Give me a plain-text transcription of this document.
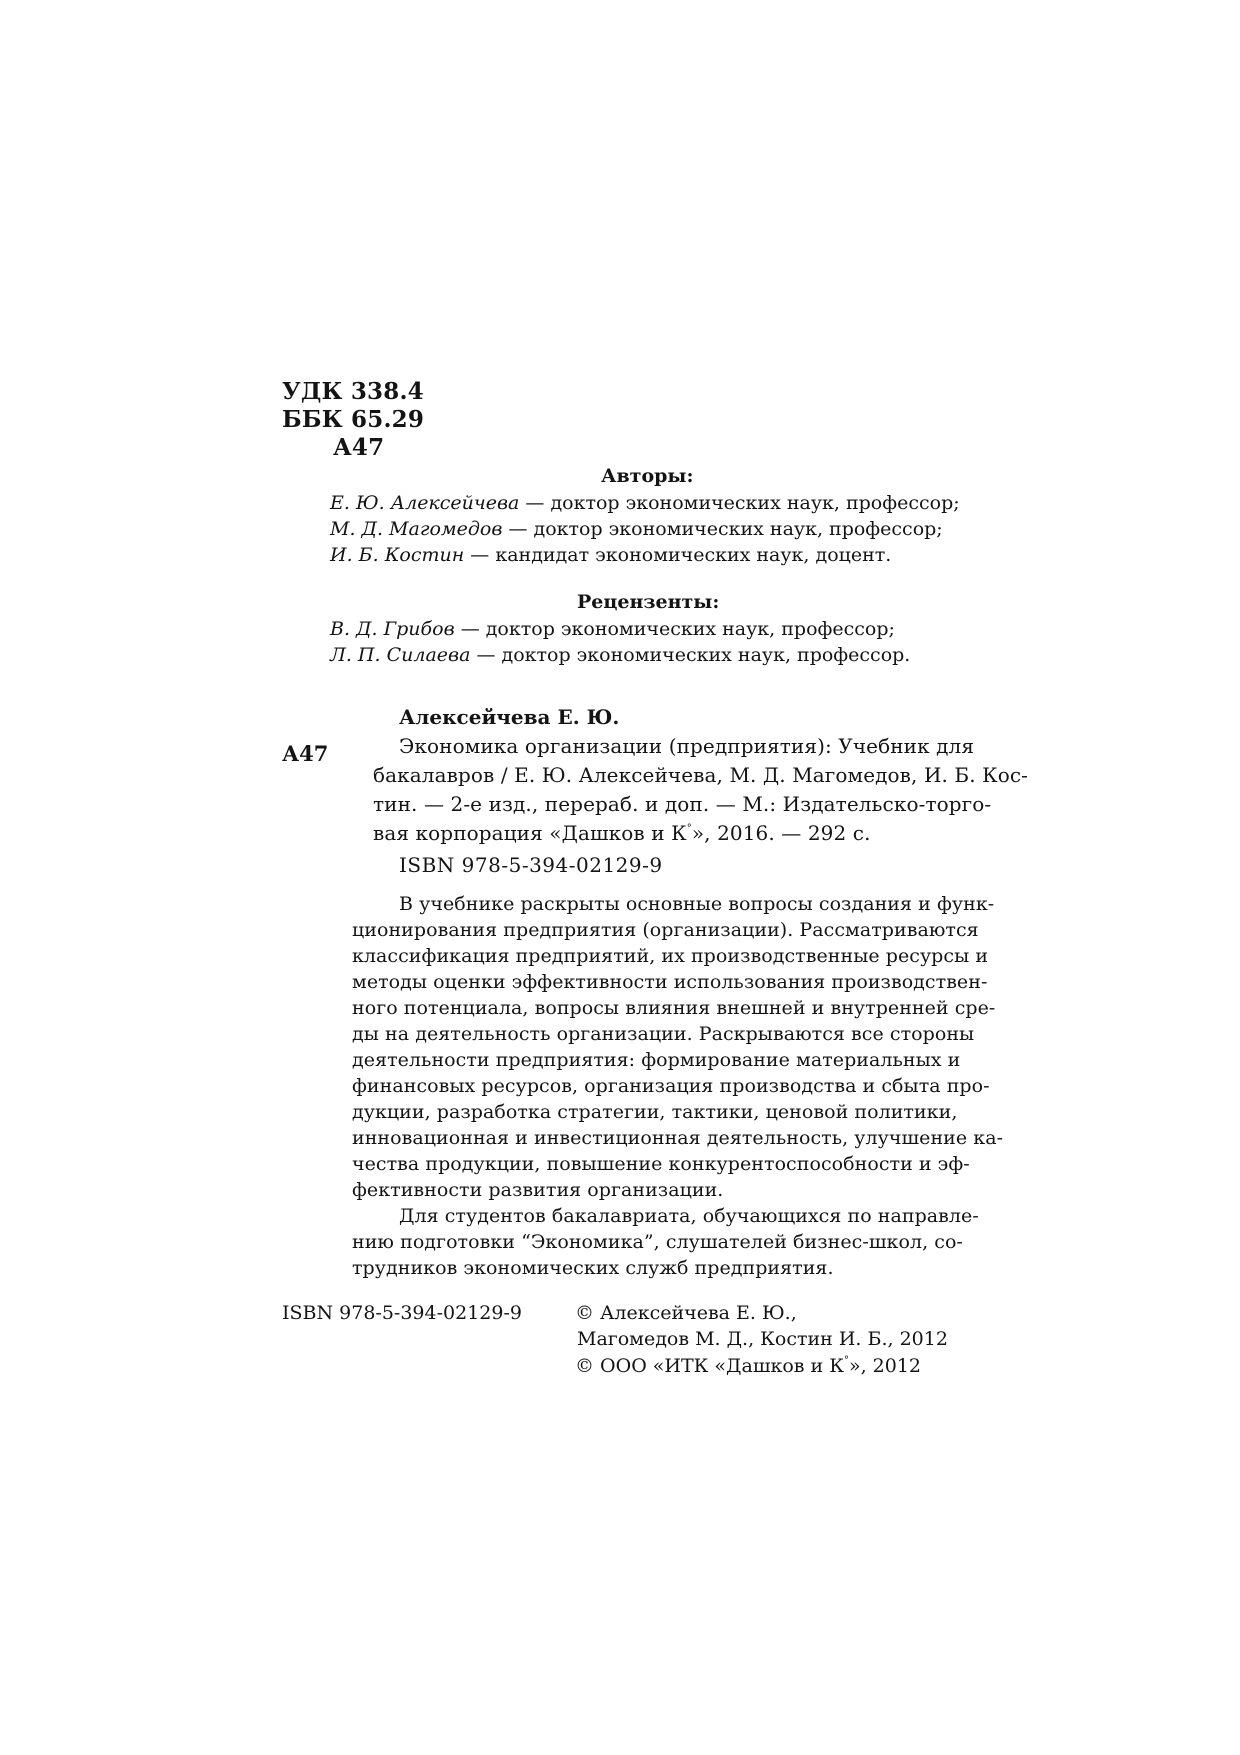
УДК 338.4
ББК 65.29
А47
Авторы:
Е. Ю. Алексейчева — доктор экономических наук, профессор;
М. Д. Магомедов — доктор экономических наук, профессор;
И. Б. Костин — кандидат экономических наук, доцент.
Рецензенты:
В. Д. Грибов — доктор экономических наук, профессор;
Л. П. Силаева — доктор экономических наук, профессор.
Алексейчева Е. Ю.
А47	Экономика организации (предприятия): Учебник для
бакалавров / Е. Ю. Алексейчева, М. Д. Магомедов, И. Б. Кос-
тин. — 2-е изд., перераб. и доп. — М.: Издательско-торго-
вая корпорация «Дашков и К°», 2016. — 292 с.
ISBN 978-5-394-02129-9
В учебнике раскрыты основные вопросы создания и функ-
ционирования предприятия (организации). Рассматриваются
классификация предприятий, их производственные ресурсы и
методы оценки эффективности использования производствен-
ного потенциала, вопросы влияния внешней и внутренней сре-
ды на деятельность организации. Раскрываются все стороны
деятельности предприятия: формирование материальных и
финансовых ресурсов, организация производства и сбыта про-
дукции, разработка стратегии, тактики, ценовой политики,
инновационная и инвестиционная деятельность, улучшение ка-
чества продукции, повышение конкурентоспособности и эф-
фективности развития организации.
Для студентов бакалавриата, обучающихся по направле-
нию подготовки “Экономика”, слушателей бизнес-школ, со-
трудников экономических служб предприятия.
ISBN 978-5-394-02129-9	© Алексейчева Е. Ю.,
Магомедов М. Д., Костин И. Б., 2012
© ООО «ИТК «Дашков и К°», 2012
